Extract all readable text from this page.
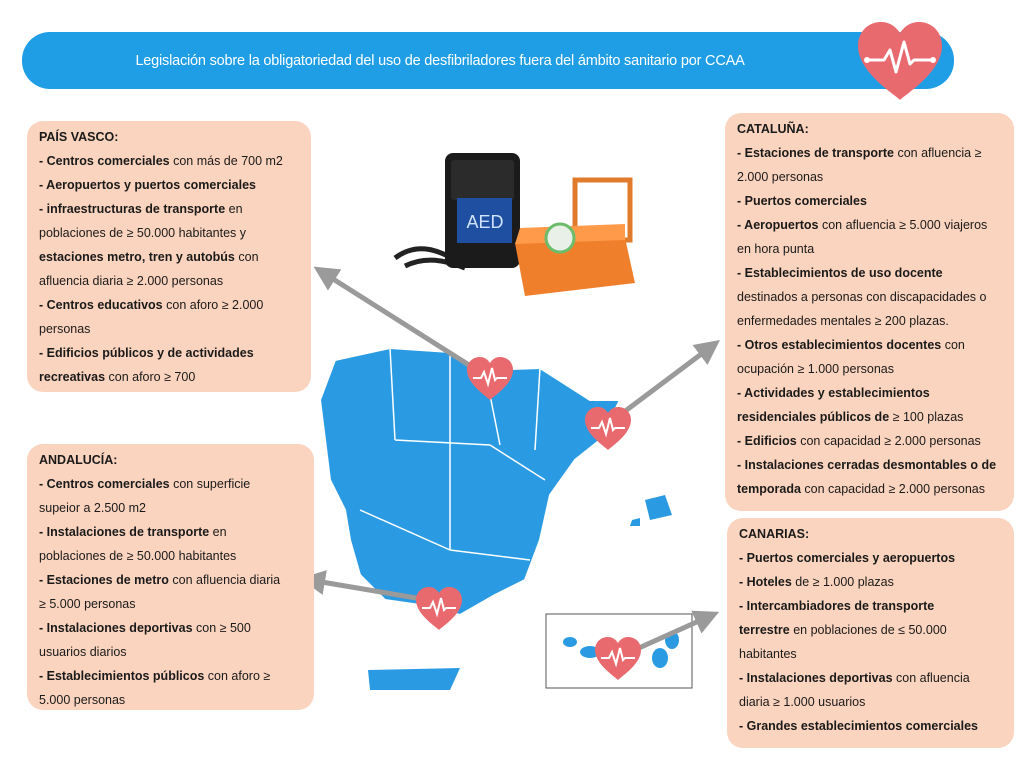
Legislación sobre la obligatoriedad del uso de desfibriladores fuera del ámbito sanitario por CCAA
AED
PAÍS VASCO:
- Centros comerciales con más de 700 m2
- Aeropuertos y puertos comerciales
- infraestructuras de transporte en
poblaciones de ≥ 50.000 habitantes y
estaciones metro, tren y autobús con
afluencia diaria ≥ 2.000 personas
- Centros educativos con aforo ≥ 2.000
personas
- Edificios públicos y de actividades
recreativas con aforo ≥ 700
ANDALUCÍA:
- Centros comerciales con superficie
supeior a 2.500 m2
- Instalaciones de transporte en
poblaciones de ≥ 50.000 habitantes
- Estaciones de metro con afluencia diaria
≥ 5.000 personas
- Instalaciones deportivas con ≥ 500
usuarios diarios
- Establecimientos públicos con aforo ≥
5.000 personas
CATALUÑA:
- Estaciones de transporte con afluencia ≥
2.000 personas
- Puertos comerciales
- Aeropuertos con afluencia ≥ 5.000 viajeros
en hora punta
- Establecimientos de uso docente
destinados a personas con discapacidades o
enfermedades mentales ≥ 200 plazas.
- Otros establecimientos docentes con
ocupación ≥ 1.000 personas
- Actividades y establecimientos
residenciales públicos de ≥ 100 plazas
- Edificios con capacidad ≥ 2.000 personas
- Instalaciones cerradas desmontables o de
temporada con capacidad ≥ 2.000 personas
CANARIAS:
- Puertos comerciales y aeropuertos
- Hoteles de ≥ 1.000 plazas
- Intercambiadores de transporte
terrestre en poblaciones de ≤ 50.000
habitantes
- Instalaciones deportivas con afluencia
diaria ≥ 1.000 usuarios
- Grandes establecimientos comerciales
